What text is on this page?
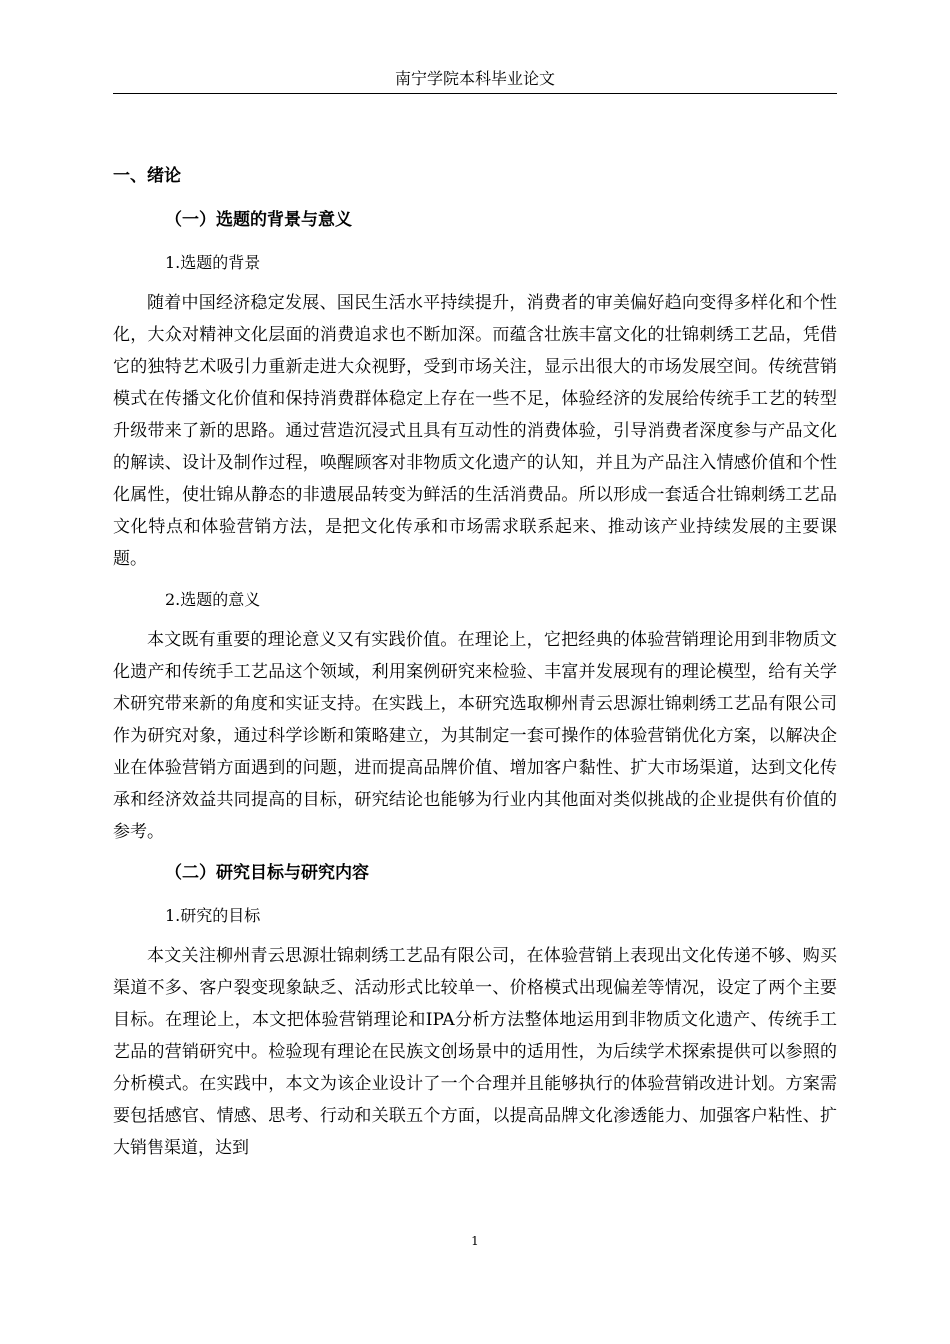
南宁学院本科毕业论文
一、绪论
（一）选题的背景与意义
1.选题的背景

随着中国经济稳定发展、国民生活水平持续提升，消费者的审美偏好趋向变得多样化和个性化，大众对精神文化层面的消费追求也不断加深。而蕴含壮族丰富文化的壮锦刺绣工艺品，凭借它的独特艺术吸引力重新走进大众视野，受到市场关注，显示出很大的市场发展空间。传统营销模式在传播文化价值和保持消费群体稳定上存在一些不足，体验经济的发展给传统手工艺的转型升级带来了新的思路。通过营造沉浸式且具有互动性的消费体验，引导消费者深度参与产品文化的解读、设计及制作过程，唤醒顾客对非物质文化遗产的认知，并且为产品注入情感价值和个性化属性，使壮锦从静态的非遗展品转变为鲜活的生活消费品。所以形成一套适合壮锦刺绣工艺品文化特点和体验营销方法，是把文化传承和市场需求联系起来、推动该产业持续发展的主要课题。

2.选题的意义

本文既有重要的理论意义又有实践价值。在理论上，它把经典的体验营销理论用到非物质文化遗产和传统手工艺品这个领域，利用案例研究来检验、丰富并发展现有的理论模型，给有关学术研究带来新的角度和实证支持。在实践上，本研究选取柳州青云思源壮锦刺绣工艺品有限公司作为研究对象，通过科学诊断和策略建立，为其制定一套可操作的体验营销优化方案，以解决企业在体验营销方面遇到的问题，进而提高品牌价值、增加客户黏性、扩大市场渠道，达到文化传承和经济效益共同提高的目标，研究结论也能够为行业内其他面对类似挑战的企业提供有价值的参考。

（二）研究目标与研究内容
1.研究的目标

本文关注柳州青云思源壮锦刺绣工艺品有限公司，在体验营销上表现出文化传递不够、购买渠道不多、客户裂变现象缺乏、活动形式比较单一、价格模式出现偏差等情况，设定了两个主要目标。在理论上，本文把体验营销理论和IPA分析方法整体地运用到非物质文化遗产、传统手工艺品的营销研究中。检验现有理论在民族文创场景中的适用性，为后续学术探索提供可以参照的分析模式。在实践中，本文为该企业设计了一个合理并且能够执行的体验营销改进计划。方案需要包括感官、情感、思考、行动和关联五个方面，以提高品牌文化渗透能力、加强客户粘性、扩大销售渠道，达到

1
